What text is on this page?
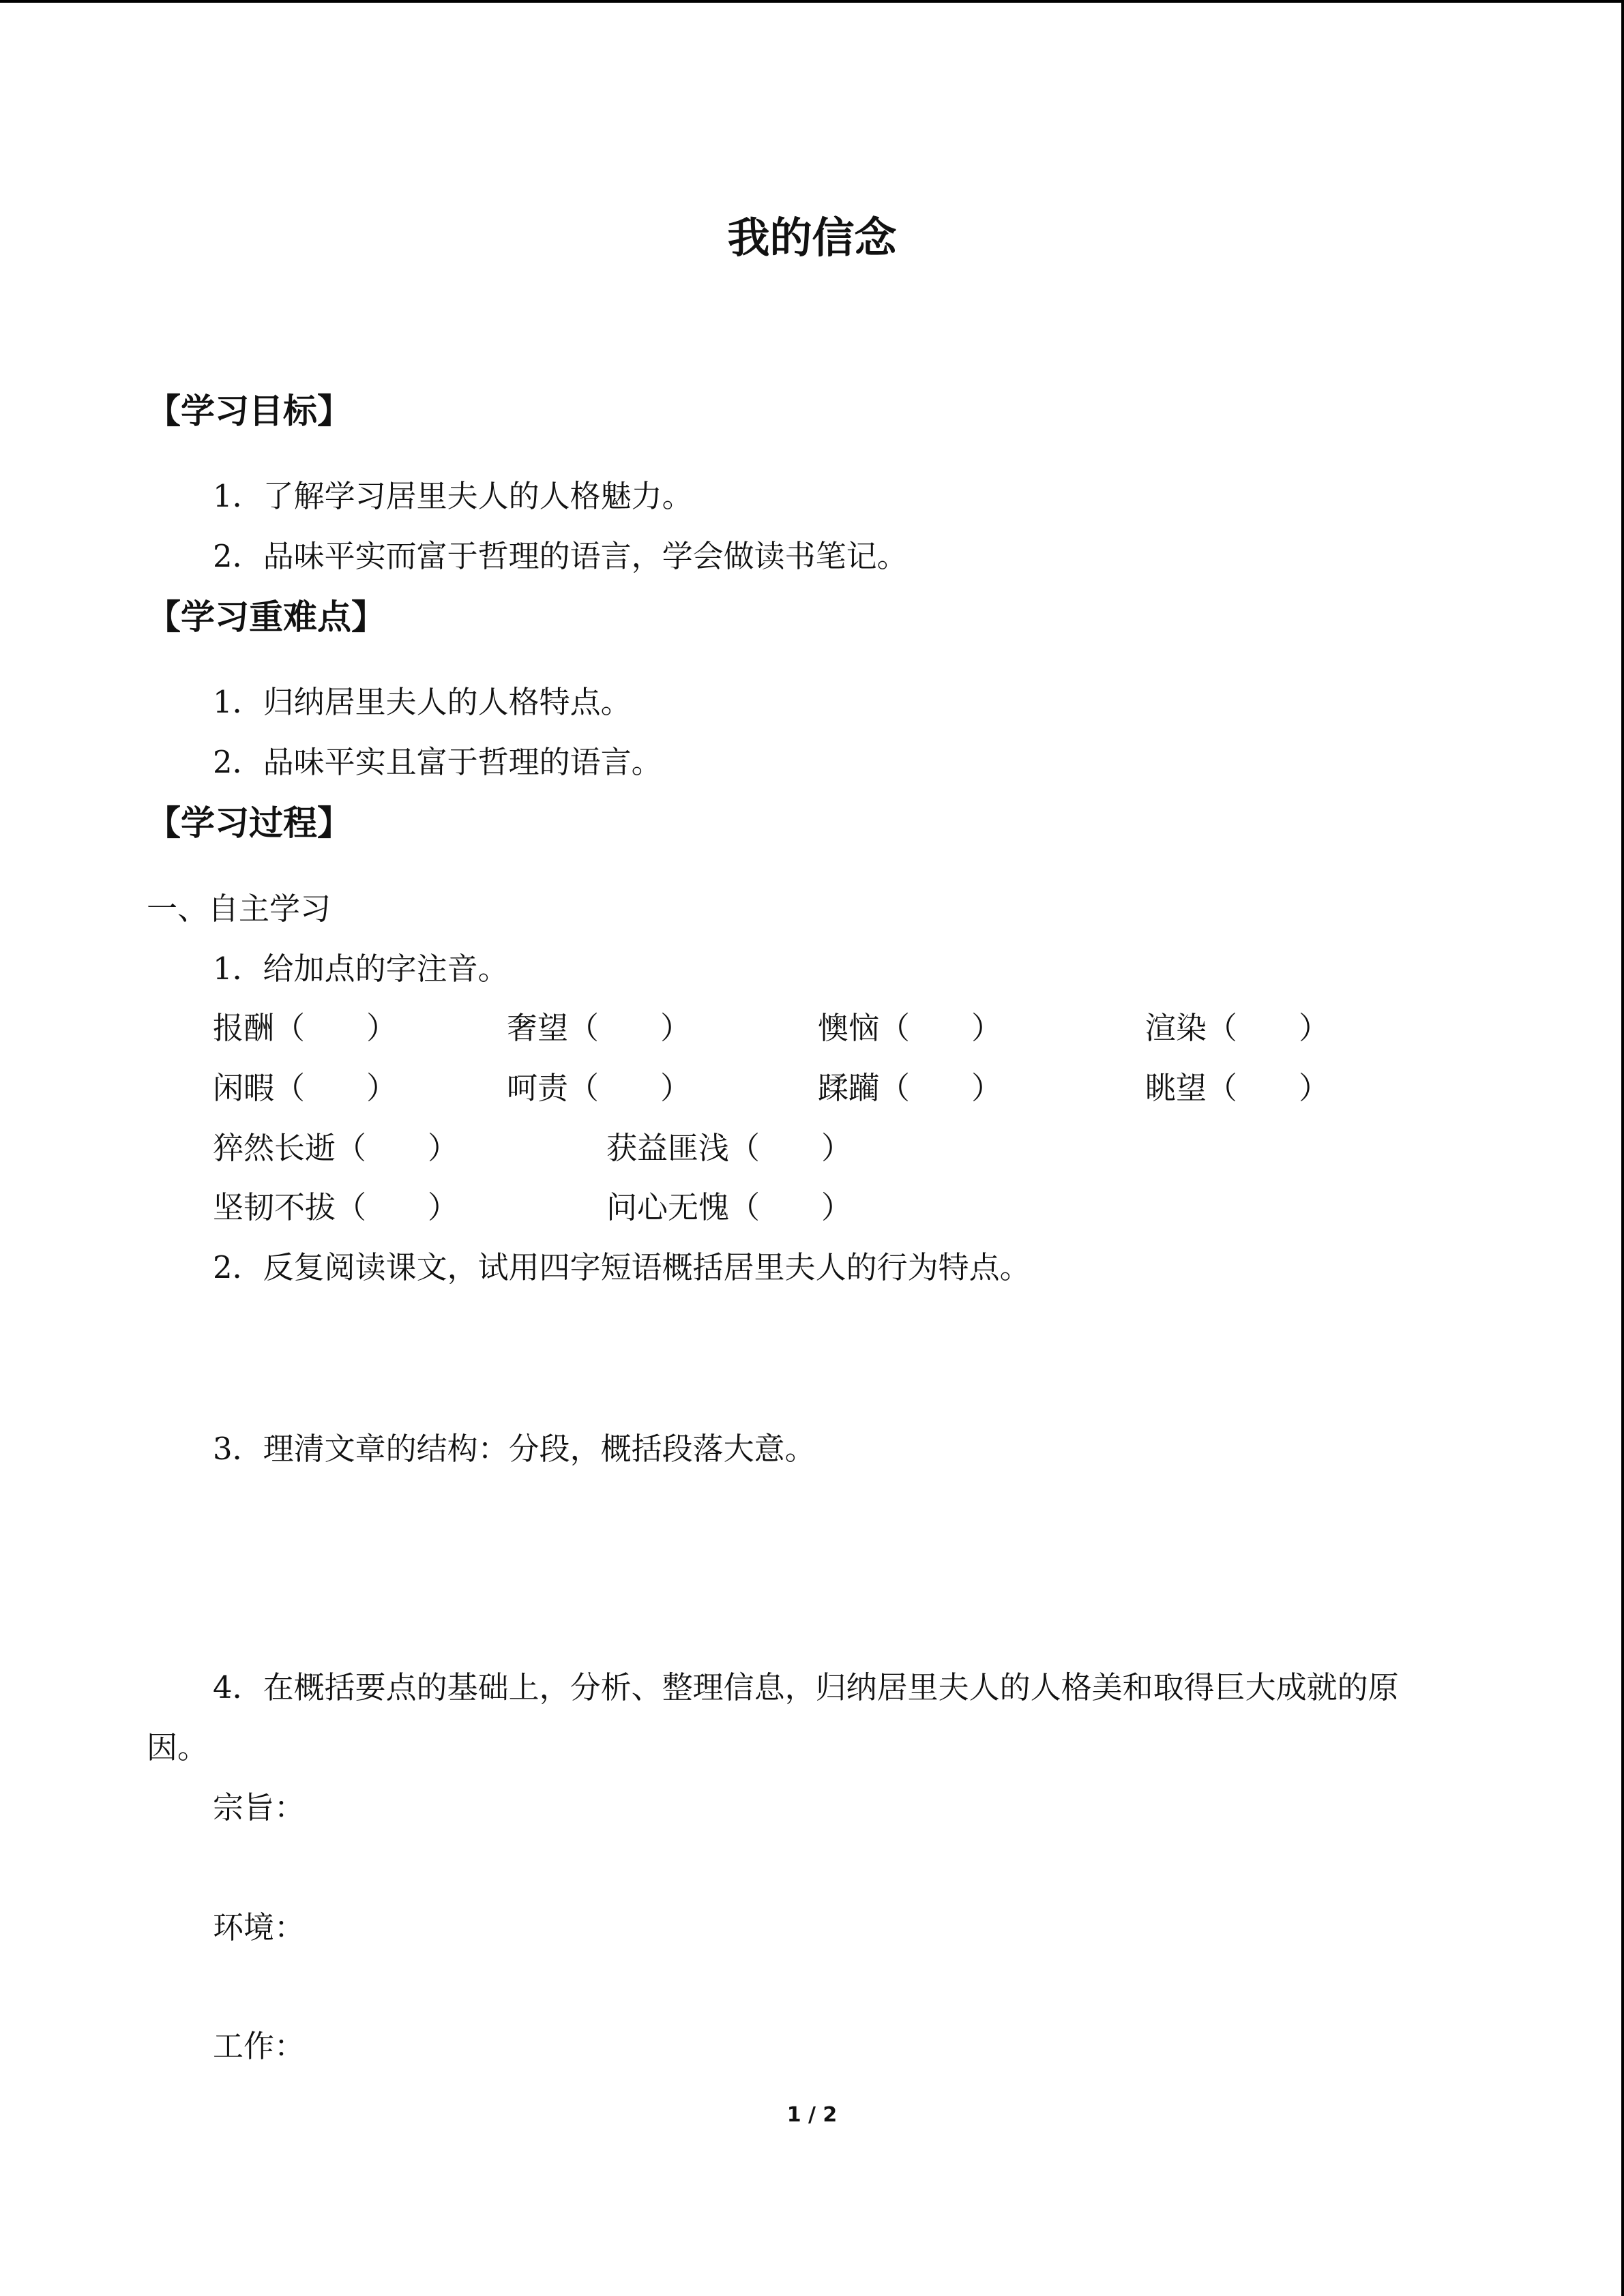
我的信念
【学习目标】
1．了解学习居里夫人的人格魅力。
2．品味平实而富于哲理的语言，学会做读书笔记。
【学习重难点】
1．归纳居里夫人的人格特点。
2．品味平实且富于哲理的语言。
【学习过程】
一、自主学习
1．给加点的字注音。
报酬（　　）	奢望（　　）	懊恼（　　）	渲染（　　）
闲暇（　　）	呵责（　　）	蹂躏（　　）	眺望（　　）
猝然长逝（　　）	获益匪浅（　　）
坚韧不拔（　　）	问心无愧（　　）
2．反复阅读课文，试用四字短语概括居里夫人的行为特点。
3．理清文章的结构：分段，概括段落大意。
4．在概括要点的基础上，分析、整理信息，归纳居里夫人的人格美和取得巨大成就的原
因。
宗旨：
环境：
工作：
1 / 2
